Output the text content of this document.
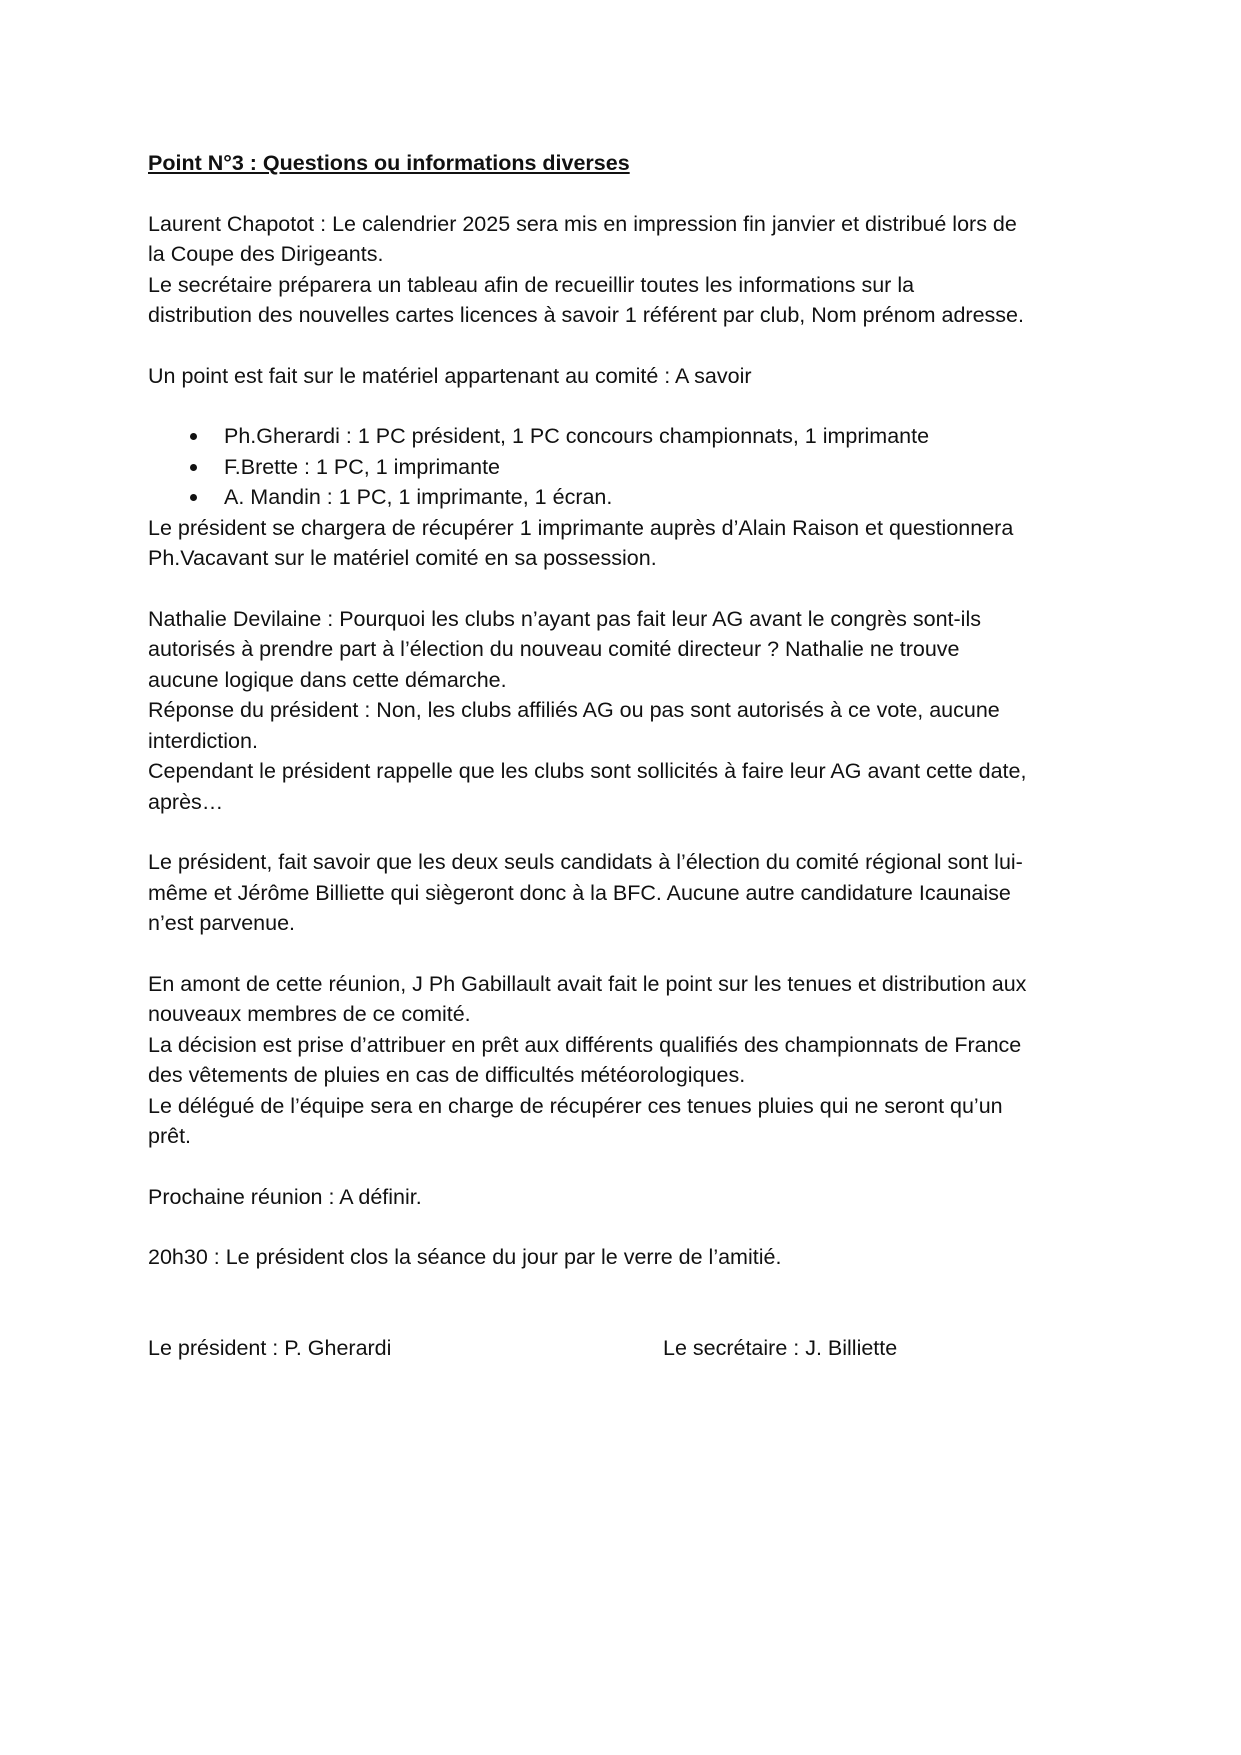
Point N°3 : Questions ou informations diverses
Laurent Chapotot : Le calendrier 2025 sera mis en impression fin janvier et distribué lors de
la Coupe des Dirigeants.
Le secrétaire préparera un tableau afin de recueillir toutes les informations sur la
distribution des nouvelles cartes licences à savoir 1 référent par club, Nom prénom adresse.
Un point est fait sur le matériel appartenant au comité : A savoir
Ph.Gherardi : 1 PC président, 1 PC concours championnats, 1 imprimante
F.Brette : 1 PC, 1 imprimante
A. Mandin : 1 PC, 1 imprimante, 1 écran.
Le président se chargera de récupérer 1 imprimante auprès d’Alain Raison et questionnera
Ph.Vacavant sur le matériel comité en sa possession.
Nathalie Devilaine : Pourquoi les clubs n’ayant pas fait leur AG avant le congrès sont-ils
autorisés à prendre part à l’élection du nouveau comité directeur ? Nathalie ne trouve
aucune logique dans cette démarche.
Réponse du président : Non, les clubs affiliés AG ou pas sont autorisés à ce vote, aucune
interdiction.
Cependant le président rappelle que les clubs sont sollicités à faire leur AG avant cette date,
après…
Le président, fait savoir que les deux seuls candidats à l’élection du comité régional sont lui-
même et Jérôme Billiette qui siègeront donc à la BFC. Aucune autre candidature Icaunaise
n’est parvenue.
En amont de cette réunion, J Ph Gabillault avait fait le point sur les tenues et distribution aux
nouveaux membres de ce comité.
La décision est prise d’attribuer en prêt aux différents qualifiés des championnats de France
des vêtements de pluies en cas de difficultés météorologiques.
Le délégué de l’équipe sera en charge de récupérer ces tenues pluies qui ne seront qu’un
prêt.
Prochaine réunion : A définir.
20h30 : Le président clos la séance du jour par le verre de l’amitié.
Le président : P. Gherardi	Le secrétaire : J. Billiette
